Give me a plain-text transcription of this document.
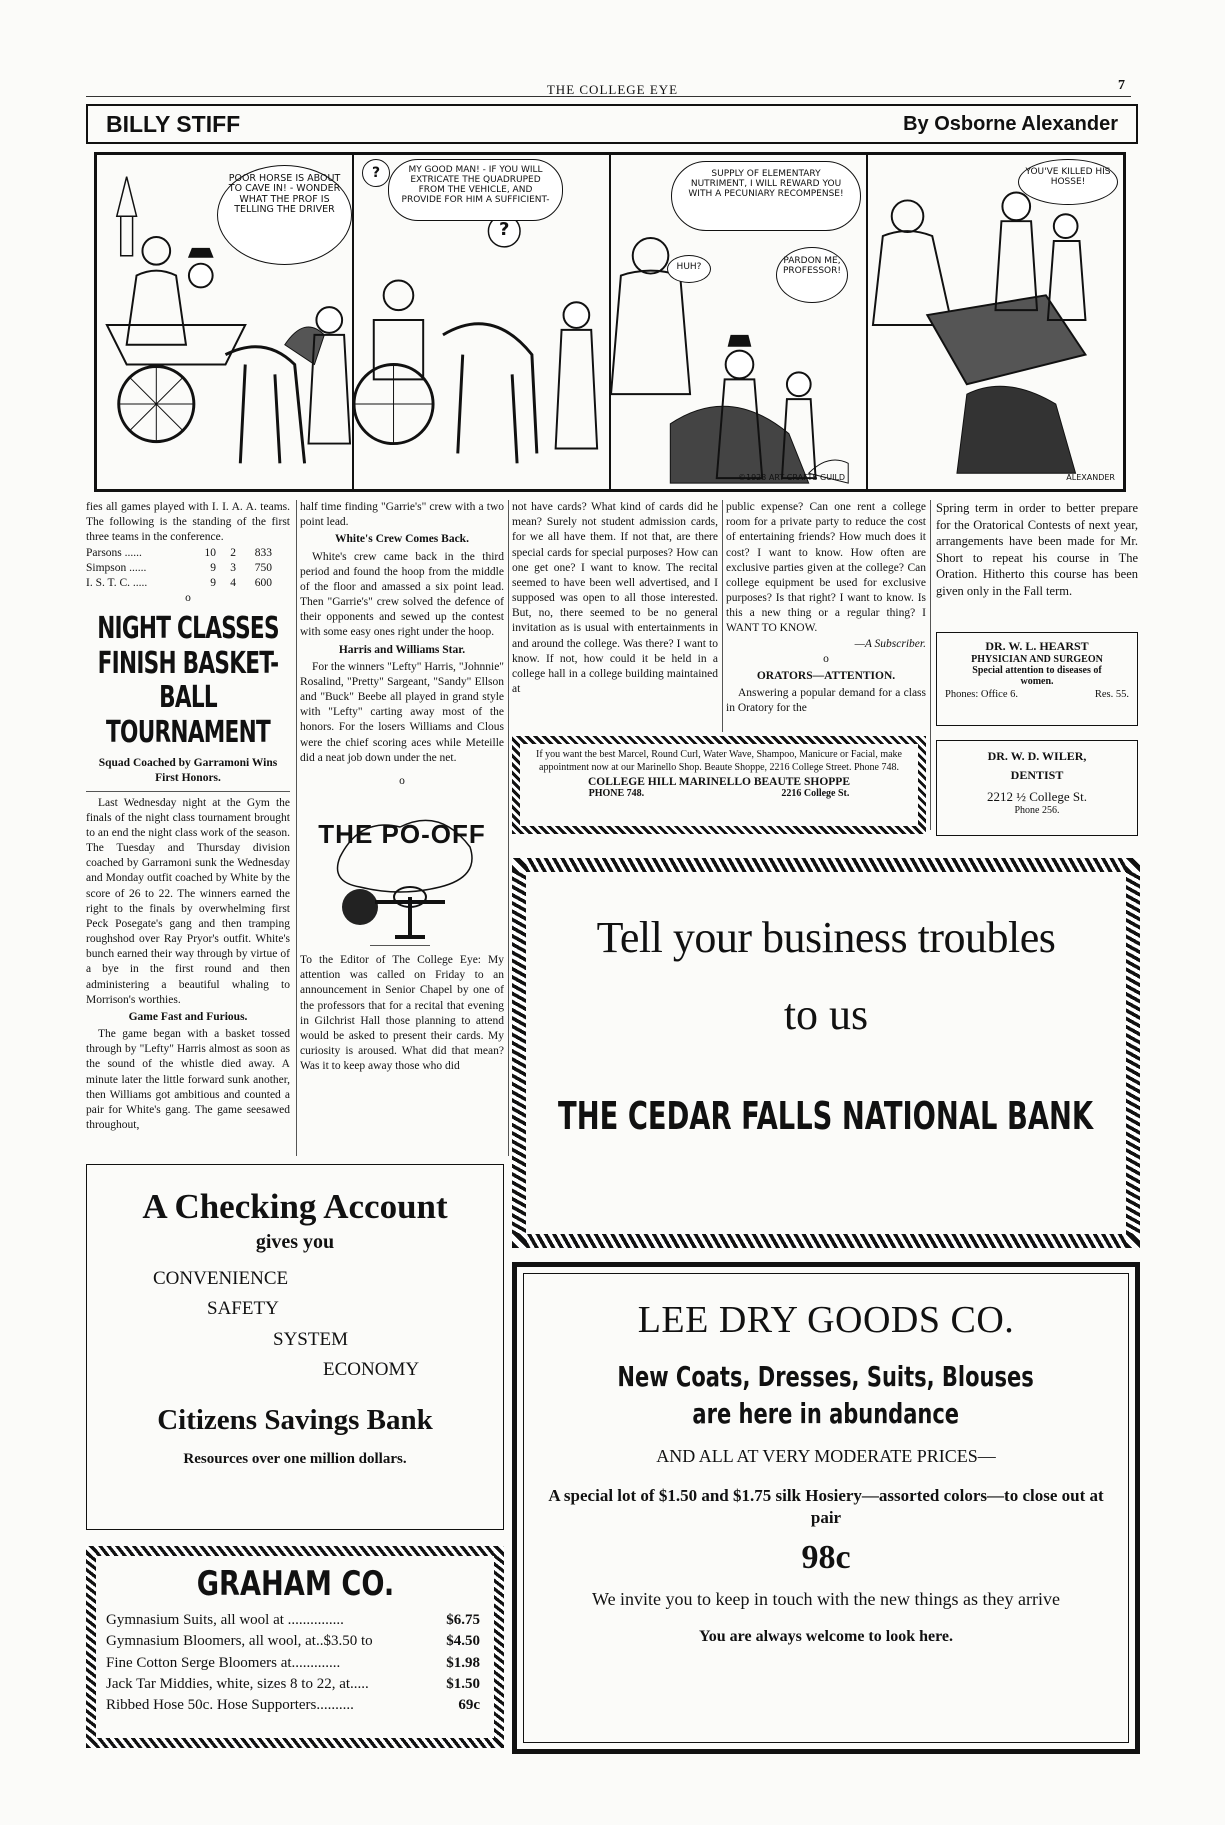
THE COLLEGE EYE	7
BILLY STIFF	By Osborne Alexander
POOR HORSE IS ABOUT TO CAVE IN! - WONDER WHAT THE PROF IS TELLING THE DRIVER
?	MY GOOD MAN! - IF YOU WILL EXTRICATE THE QUADRUPED FROM THE VEHICLE, AND PROVIDE FOR HIM A SUFFICIENT-
?
SUPPLY OF ELEMENTARY NUTRIMENT, I WILL REWARD YOU WITH A PECUNIARY RECOMPENSE!
HUH?
PARDON ME, PROFESSOR!
YOU'VE KILLED HIS HOSSE!
©1923 ART CRAFTS GUILD	ALEXANDER
fies all games played with I. I. A. A. teams. The following is the standing of the first three teams in the conference.
Parsons ......	10	2	833
Simpson ......	9	3	750
I. S. T. C. .....	9	4	600
o
NIGHT CLASSES FINISH BASKET-BALL TOURNAMENT
Squad Coached by Garramoni Wins First Honors.

Last Wednesday night at the Gym the finals of the night class tournament brought to an end the night class work of the season. The Tuesday and Thursday division coached by Garramoni sunk the Wednesday and Monday outfit coached by White by the score of 26 to 22. The winners earned the right to the finals by overwhelming first Peck Posegate's gang and then tramping roughshod over Ray Pryor's outfit. White's bunch earned their way through by virtue of a bye in the first round and then administering a beautiful whaling to Morrison's worthies.

Game Fast and Furious.

The game began with a basket tossed through by "Lefty" Harris almost as soon as the sound of the whistle died away. A minute later the little forward sunk another, then Williams got ambitious and counted a pair for White's gang. The game seesawed throughout,

half time finding "Garrie's" crew with a two point lead.
White's Crew Comes Back.

White's crew came back in the third period and found the hoop from the middle of the floor and amassed a six point lead. Then "Garrie's" crew solved the defence of their opponents and sewed up the contest with some easy ones right under the hoop.

Harris and Williams Star.

For the winners "Lefty" Harris, "Johnnie" Rosalind, "Pretty" Sargeant, "Sandy" Ellson and "Buck" Beebe all played in grand style with "Lefty" carting away most of the honors. For the losers Williams and Clous were the chief scoring aces while Meteille did a neat job down under the net.

o
THE PO-OFF

To the Editor of The College Eye: My attention was called on Friday to an announcement in Senior Chapel by one of the professors that for a recital that evening in Gilchrist Hall those planning to attend would be asked to present their cards. My curiosity is aroused. What did that mean? Was it to keep away those who did

not have cards? What kind of cards did he mean? Surely not student admission cards, for we all have them. If not that, are there special cards for special purposes? How can one get one? I want to know. The recital seemed to have been well advertised, and I supposed was open to all those interested. But, no, there seemed to be no general invitation as is usual with entertainments in and around the college. Was there? I want to know. If not, how could it be held in a college hall in a college building maintained at

public expense? Can one rent a college room for a private party to reduce the cost of entertaining friends? How much does it cost? I want to know. How often are exclusive parties given at the college? Can college equipment be used for exclusive purposes? Is that right? I want to know. Is this a new thing or a regular thing? I WANT TO KNOW.

—A Subscriber.
o
ORATORS—ATTENTION.

Answering a popular demand for a class in Oratory for the

Spring term in order to better prepare for the Oratorical Contests of next year, arrangements have been made for Mr. Short to repeat his course in The Oration. Hitherto this course has been given only in the Fall term.
DR. W. L. HEARST
PHYSICIAN AND SURGEON
Special attention to diseases of women.
Phones: Office 6.	Res. 55.
DR. W. D. WILER,
DENTIST
2212 ½ College St.
Phone 256.
If you want the best Marcel, Round Curl, Water Wave, Shampoo, Manicure or Facial, make appointment now at our Marinello Shop. Beaute Shoppe, 2216 College Street. Phone 748.
COLLEGE HILL MARINELLO BEAUTE SHOPPE
PHONE 748.	2216 College St.
Tell your business troubles
to us
THE CEDAR FALLS NATIONAL BANK
A Checking Account
gives you
CONVENIENCE
SAFETY
SYSTEM
ECONOMY
Citizens Savings Bank
Resources over one million dollars.
GRAHAM CO.
Gymnasium Suits, all wool at ...............	$6.75
Gymnasium Bloomers, all wool, at..$3.50 to	$4.50
Fine Cotton Serge Bloomers at.............	$1.98
Jack Tar Middies, white, sizes 8 to 22, at.....	$1.50
Ribbed Hose 50c. Hose Supporters..........	69c
LEE DRY GOODS CO.
New Coats, Dresses, Suits, Blouses
are here in abundance
AND ALL AT VERY MODERATE PRICES—
A special lot of $1.50 and $1.75 silk Hosiery—assorted colors—to close out at pair
98c
We invite you to keep in touch with the new things as they arrive
You are always welcome to look here.
